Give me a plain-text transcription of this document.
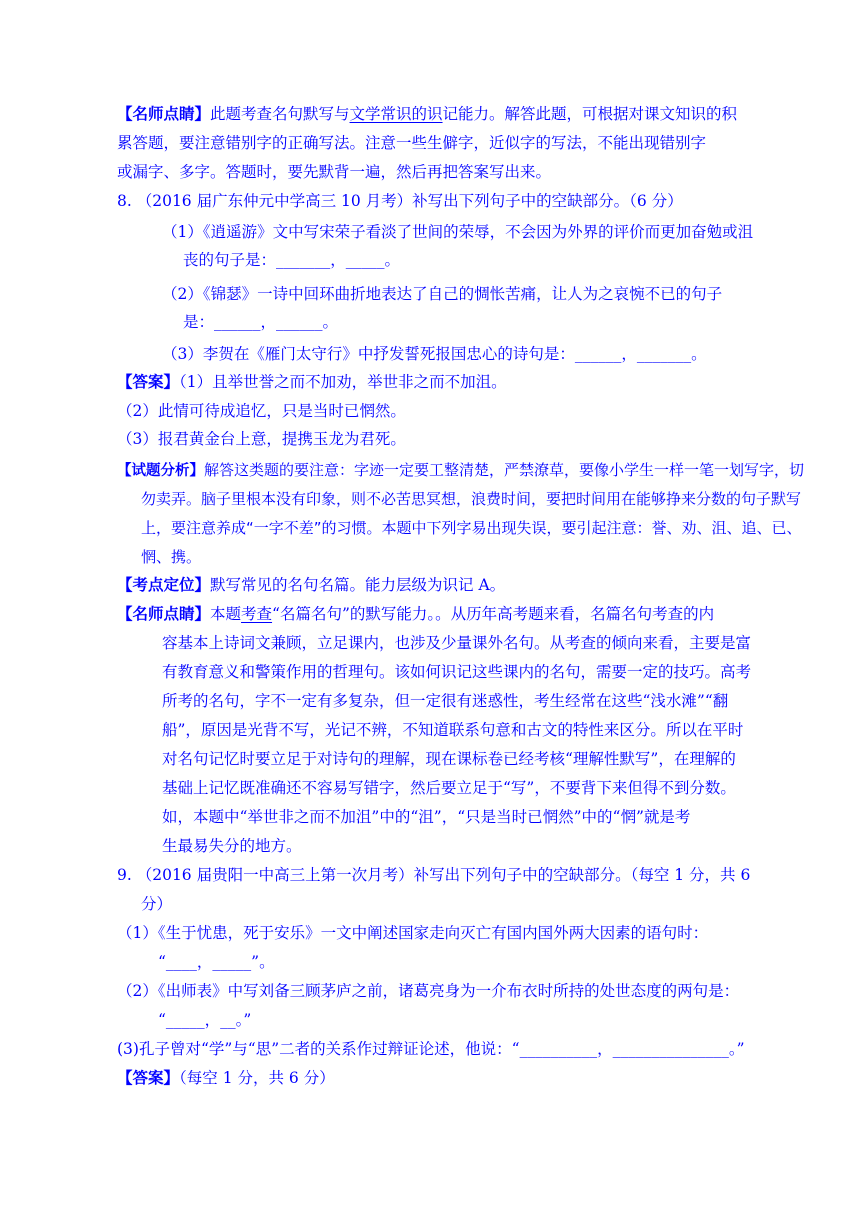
【名师点睛】此题考查名句默写与文学常识的识记能力。解答此题，可根据对课文知识的积
累答题，要注意错别字的正确写法。注意一些生僻字，近似字的写法，不能出现错别字
或漏字、多字。答题时，要先默背一遍，然后再把答案写出来。
8. （2016 届广东仲元中学高三 10 月考）补写出下列句子中的空缺部分。（6 分）
（1）《逍遥游》文中写宋荣子看淡了世间的荣辱，不会因为外界的评价而更加奋勉或沮
丧的句子是：_______，_____。
（2）《锦瑟》一诗中回环曲折地表达了自己的惆怅苦痛，让人为之哀惋不已的句子
是：______，______。
（3）李贺在《雁门太守行》中抒发誓死报国忠心的诗句是：______，_______。
【答案】（1）且举世誉之而不加劝，举世非之而不加沮。
（2）此情可待成追忆，只是当时已惘然。
（3）报君黄金台上意，提携玉龙为君死。
【试题分析】解答这类题的要注意：字迹一定要工整清楚，严禁潦草，要像小学生一样一笔一划写字，切
勿卖弄。脑子里根本没有印象，则不必苦思冥想，浪费时间，要把时间用在能够挣来分数的句子默写
上，要注意养成“一字不差”的习惯。本题中下列字易出现失误，要引起注意：誉、劝、沮、追、已、
惘、携。
【考点定位】默写常见的名句名篇。能力层级为识记 A。
【名师点睛】本题考查“名篇名句”的默写能力。。从历年高考题来看，名篇名句考查的内
容基本上诗词文兼顾，立足课内，也涉及少量课外名句。从考查的倾向来看，主要是富
有教育意义和警策作用的哲理句。该如何识记这些课内的名句，需要一定的技巧。高考
所考的名句，字不一定有多复杂，但一定很有迷惑性，考生经常在这些“浅水滩”“翻
船”，原因是光背不写，光记不辨，不知道联系句意和古文的特性来区分。所以在平时
对名句记忆时要立足于对诗句的理解，现在课标卷已经考核“理解性默写”，在理解的
基础上记忆既准确还不容易写错字，然后要立足于“写”，不要背下来但得不到分数。
如，本题中“举世非之而不加沮”中的“沮”，“只是当时已惘然”中的“惘”就是考
生最易失分的地方。
9. （2016 届贵阳一中高三上第一次月考）补写出下列句子中的空缺部分。（每空 1 分，共 6
分）
（1）《生于忧患，死于安乐》一文中阐述国家走向灭亡有国内国外两大因素的语句时：
“____，_____”。
（2）《出师表》中写刘备三顾茅庐之前，诸葛亮身为一介布衣时所持的处世态度的两句是：
“_____，__。”
(3)孔子曾对“学”与“思”二者的关系作过辩证论述，他说：“__________，_______________。”
【答案】（每空 1 分，共 6 分）
